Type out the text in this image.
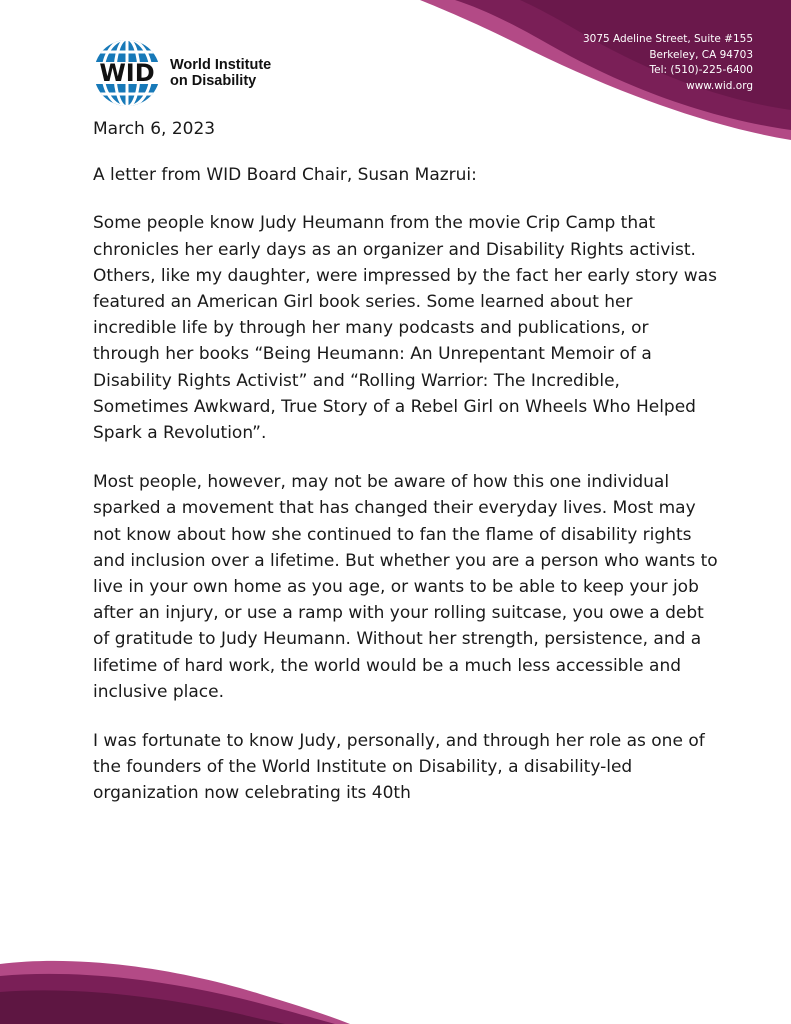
WID	World Institute
on Disability
3075 Adeline Street, Suite #155
Berkeley, CA 94703
Tel: (510)-225-6400
www.wid.org

March 6, 2023

A letter from WID Board Chair, Susan Mazrui:

Some people know Judy Heumann from the movie Crip Camp that chronicles her early days as an organizer and Disability Rights activist. Others, like my daughter, were impressed by the fact her early story was featured an American Girl book series. Some learned about her incredible life by through her many podcasts and publications, or through her books “Being Heumann: An Unrepentant Memoir of a Disability Rights Activist” and “Rolling Warrior: The Incredible, Sometimes Awkward, True Story of a Rebel Girl on Wheels Who Helped Spark a Revolution”.

Most people, however, may not be aware of how this one individual sparked a movement that has changed their everyday lives. Most may not know about how she continued to fan the flame of disability rights and inclusion over a lifetime. But whether you are a person who wants to live in your own home as you age, or wants to be able to keep your job after an injury, or use a ramp with your rolling suitcase, you owe a debt of gratitude to Judy Heumann. Without her strength, persistence, and a lifetime of hard work, the world would be a much less accessible and inclusive place.

I was fortunate to know Judy, personally, and through her role as one of the founders of the World Institute on Disability, a disability-led organization now celebrating its 40th
